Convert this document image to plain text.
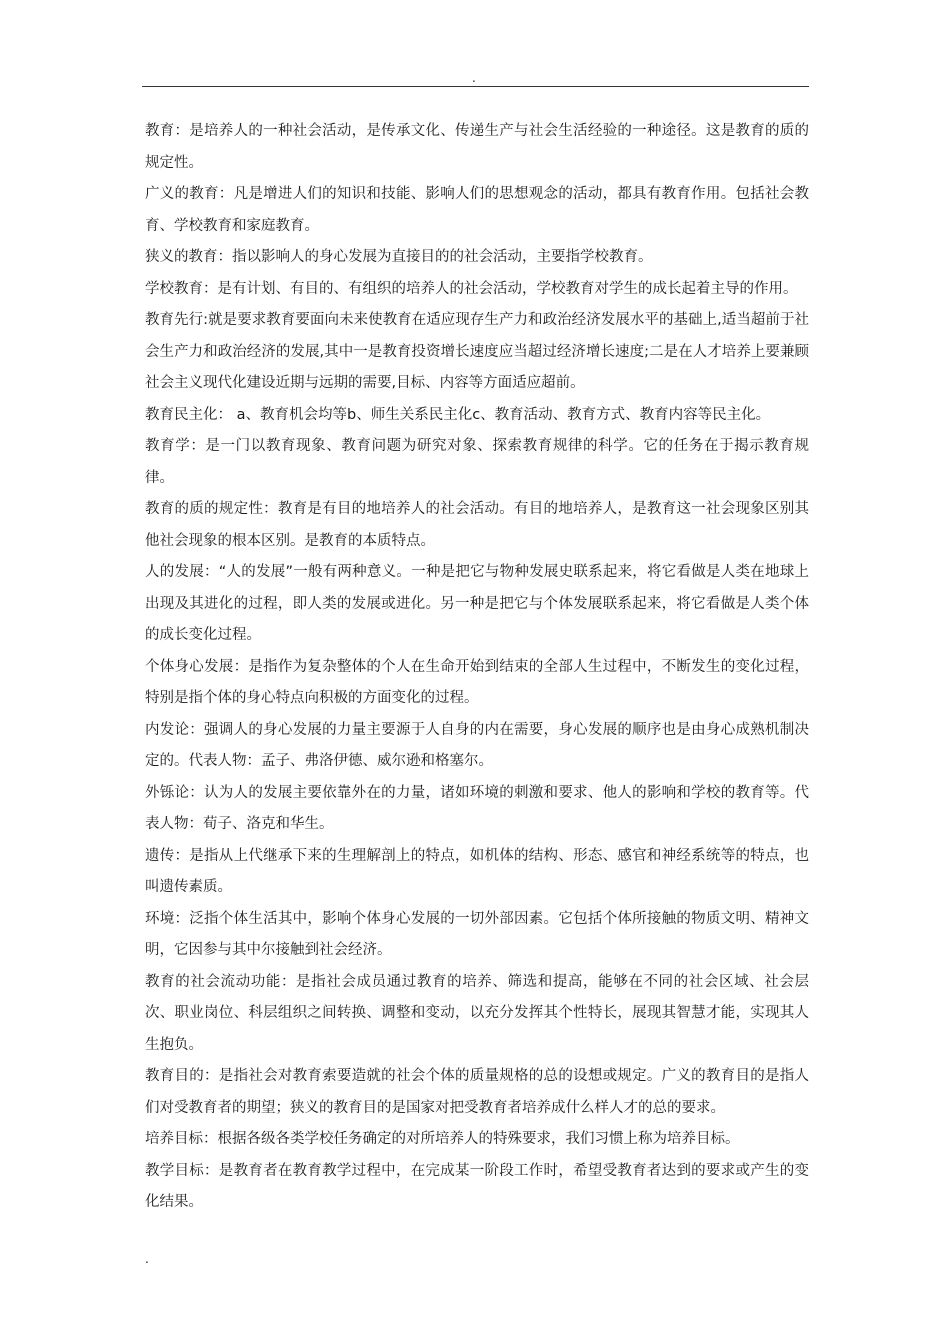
.

教育：是培养人的一种社会活动，是传承文化、传递生产与社会生活经验的一种途径。这是教育的质的规定性。

广义的教育：凡是增进人们的知识和技能、影响人们的思想观念的活动，都具有教育作用。包括社会教育、学校教育和家庭教育。

狭义的教育：指以影响人的身心发展为直接目的的社会活动，主要指学校教育。

学校教育：是有计划、有目的、有组织的培养人的社会活动，学校教育对学生的成长起着主导的作用。

教育先行:就是要求教育要面向未来使教育在适应现存生产力和政治经济发展水平的基础上,适当超前于社会生产力和政治经济的发展,其中一是教育投资增长速度应当超过经济增长速度;二是在人才培养上要兼顾社会主义现代化建设近期与远期的需要,目标、内容等方面适应超前。

教育民主化： a、教育机会均等b、师生关系民主化c、教育活动、教育方式、教育内容等民主化。

教育学：是一门以教育现象、教育问题为研究对象、探索教育规律的科学。它的任务在于揭示教育规律。

教育的质的规定性：教育是有目的地培养人的社会活动。有目的地培养人，是教育这一社会现象区别其他社会现象的根本区别。是教育的本质特点。

人的发展：“人的发展”一般有两种意义。一种是把它与物种发展史联系起来，将它看做是人类在地球上出现及其进化的过程，即人类的发展或进化。另一种是把它与个体发展联系起来，将它看做是人类个体的成长变化过程。

个体身心发展：是指作为复杂整体的个人在生命开始到结束的全部人生过程中，不断发生的变化过程，特别是指个体的身心特点向积极的方面变化的过程。

内发论：强调人的身心发展的力量主要源于人自身的内在需要，身心发展的顺序也是由身心成熟机制决定的。代表人物：孟子、弗洛伊德、威尔逊和格塞尔。

外铄论：认为人的发展主要依靠外在的力量，诸如环境的刺激和要求、他人的影响和学校的教育等。代表人物：荀子、洛克和华生。

遗传：是指从上代继承下来的生理解剖上的特点，如机体的结构、形态、感官和神经系统等的特点，也叫遗传素质。

环境：泛指个体生活其中，影响个体身心发展的一切外部因素。它包括个体所接触的物质文明、精神文明，它因参与其中尔接触到社会经济。

教育的社会流动功能：是指社会成员通过教育的培养、筛选和提高，能够在不同的社会区域、社会层次、职业岗位、科层组织之间转换、调整和变动，以充分发挥其个性特长，展现其智慧才能，实现其人生抱负。

教育目的：是指社会对教育索要造就的社会个体的质量规格的总的设想或规定。广义的教育目的是指人们对受教育者的期望；狭义的教育目的是国家对把受教育者培养成什么样人才的总的要求。

培养目标：根据各级各类学校任务确定的对所培养人的特殊要求，我们习惯上称为培养目标。

教学目标：是教育者在教育教学过程中，在完成某一阶段工作时，希望受教育者达到的要求或产生的变化结果。

.
